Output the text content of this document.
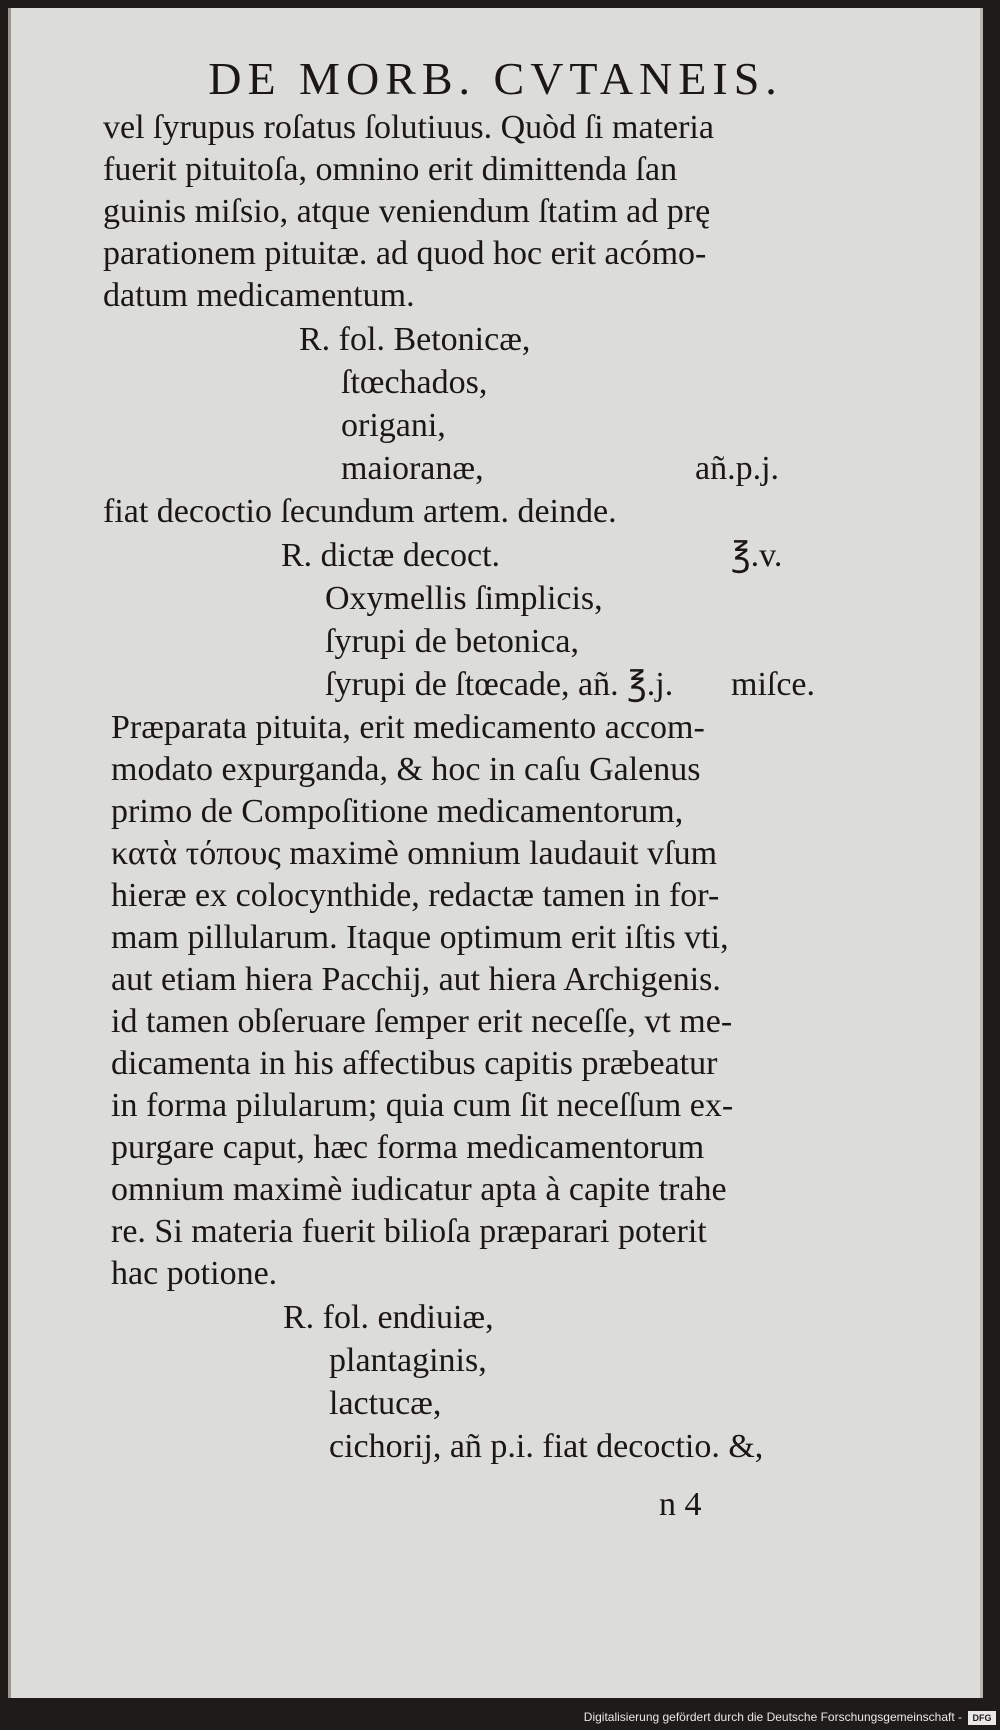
DE MORB. CVTANEIS.
vel ſyrupus roſatus ſolutiuus. Quòd ſi materia
fuerit pituitoſa, omnino erit dimittenda ſan
guinis miſsio, atque veniendum ſtatim ad prę
parationem pituitæ. ad quod hoc erit acómo-
datum medicamentum.
R. fol. Betonicæ,
ſtœchados,
origani,
maioranæ,
fiat decoctio ſecundum artem. deinde.
R. dictæ decoct.
Oxymellis ſimplicis,
ſyrupi de betonica,
ſyrupi de ſtœcade, añ. ℥.j.
Præparata pituita, erit medicamento accom-
modato expurganda, & hoc in caſu Galenus
primo de Compoſitione medicamentorum,
κατὰ τόπους maximè omnium laudauit vſum
hieræ ex colocynthide, redactæ tamen in for-
mam pillularum. Itaque optimum erit iſtis vti,
aut etiam hiera Pacchij, aut hiera Archigenis.
id tamen obſeruare ſemper erit neceſſe, vt me-
dicamenta in his affectibus capitis præbeatur
in forma pilularum; quia cum ſit neceſſum ex-
purgare caput, hæc forma medicamentorum
omnium maximè iudicatur apta à capite trahe
re. Si materia fuerit bilioſa præparari poterit
hac potione.
R. fol. endiuiæ,
plantaginis,
lactucæ,
cichorij, añ p.i. fiat decoctio. &,
añ.p.j.
℥.v.
miſce.
n 4
Digitalisierung gefördert durch die Deutsche Forschungsgemeinschaft -	DFG
